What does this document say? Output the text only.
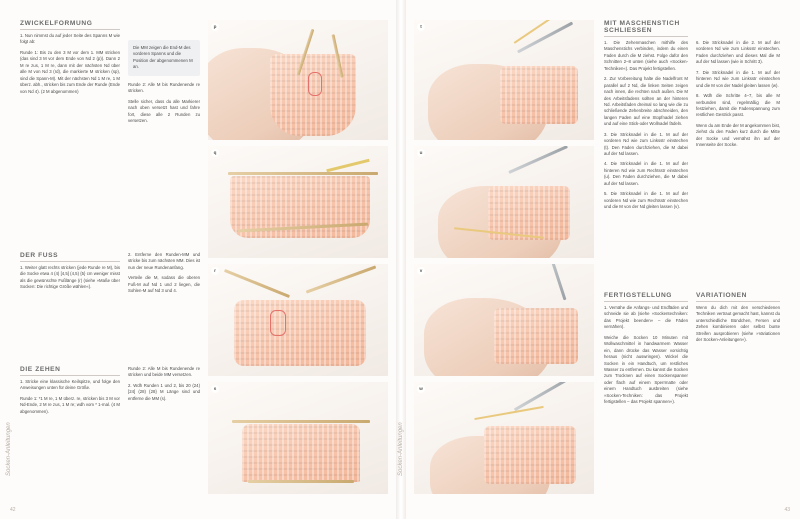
ZWICKELFORMUNG

1. Nun nimmst du auf jeder Seite des Spanns M wie folgt ab:

Runde 1: Bis zu den 3 M vor dem 1. MM stricken (das sind 3 M vor dem Ende von Nd 2 (p)). Dann 2 M re zus, 1 M re, dann mit der nächsten Nd über alle M von Nd 3 (rd), die markierte M stricken (sp), sind die Spann-M). Mit der nächsten Nd 1 M re, 1 M überz. abh., stricken bis zum Ende der Runde (Ende von Nd 4). (2 M abgenommen)

DER FUSS

1. Weiter glatt rechts stricken (jede Runde re M), bis die Socke etwa 4 (4) [4,5] (4,5) {5} cm weniger misst als die gewünschte Fußlänge (r) (siehe »Maße über Socken: Die richtige Größe wählen«).

DIE ZEHEN

1. Stricke eine klassische Keilspitze, und folge den Anweisungen unten für deine Größe.

Runde 1: *1 M re, 1 M überz. re, stricken bis 3 M vor Nd-Ende, 2 M re zus, 1 M re; wdh vom * 1-mal. (4 M abgenommen).

Die MM zeigen die End-M des vorderen Spanns und die Position der abgenommenen M an.

Runde 2: Alle M bis Rundenende re stricken.

Stelle sicher, dass du alle Markierer nach oben versetzt hast und fahre fort, diese alle 2 Runden zu versetzen.

2. Entferne den Runden-MM und stricke bis zum nächsten MM. Dies ist nun der neue Rundenanfang.

Verteile die M, sodass die oberen Fuß-M auf Nd 1 und 2 liegen, die Sohlen-M auf Nd 3 und 4.

Runde 2: Alle M bis Rundenende re stricken und beide MM versetzen.

2. Wdh Runden 1 und 2, bis 20 (24) [24] (28) {28} M Länge sind und entferne die MM (s).

p
q
r
s
t
u
v
w
MIT MASCHENSTICH SCHLIESSEN

1. Die Zehenmaschen mithilfe des Maschenstichs verbinden, indem du einen Faden durch die M ziehst. Folge dafür den Schnitten 2–8 unten (siehe auch »Socken-Techniken«). Das Projekt fertigstellen.

2. Zur Vorbereitung halte die Nadelfront M parallel auf 2 Nd, die linken Seiten zeigen nach innen, die rechten nach außen. Die M des Arbeitsfadens sollten an der hinteren Nd. Arbeitsfaden dreimal so lang wie die zu schließende Zehenbreite abschneiden, den langen Faden auf eine Stopfnadel ziehen und auf eine Stick-oder Wollnadel fädeln.

3. Die Stricknadel in die 1. M auf der vorderen Nd wie zum Linksstr einstechen (t). Den Faden durchziehen, die M dabei auf der Nd lassen.

4. Die Stricknadel in die 1. M auf der hinteren Nd wie zum Rechtsstr einstechen (u). Den Faden durchziehen, die M dabei auf der Nd lassen.

5. Die Stricknadel in die 1. M auf der vorderen Nd wie zum Rechtsstr einstechen und die M von der Nd gleiten lassen (v).

6. Die Stricknadel in die 2. M auf der vorderen Nd wie zum Linksstr einstechen. Faden durchziehen und dieses Mal die M auf der Nd lassen (wie in Schritt 3).

7. Die Stricknadel in die 1. M auf der hinteren Nd wie zum Linksstr einstechen und die M von der Nadel gleiten lassen (w).

8. Wdh die Schritte 4–7, bis alle M verbunden sind, regelmäßig die M festziehen, damit die Fadenspannung zum restlichen Gestrick passt.

Wenn du am Ende der M angekommen bist, ziehst du den Faden kurz durch die Mitte der Socke und vernähst ihn auf der Innenseite der Socke.

FERTIGSTELLUNG

1. Vernähe die Anfangs- und Endfäden und schneide sie ab (siehe »Sockentechniken: das Projekt beenden« – die Fäden vernähen).

Weiche die Socken 10 Minuten mit Wollwaschmittel in handwarmem Wasser ein, dann drücke das Wasser vorsichtig heraus (nicht auswringen). Wickel die Socken in ein Handtuch, um restliches Wasser zu entfernen. Du kannst die Socken zum Trocknen auf einen Sockenspanner oder flach auf einem Sperrmatte oder einem Handtuch ausbreiten (siehe »Socken-Techniken: das Projekt fertigstellen – das Projekt spannen«).

VARIATIONEN

Wenn du dich mit den verschiedenen Techniken vertraut gemacht hast, kannst du unterschiedliche Bündchen, Fersen und Zehen kombinieren oder selbst bunte Streifen ausprobieren (siehe »Variationen der Socken-Anleitungen«).

42	43
Socken-Anleitungen	Socken-Anleitungen
